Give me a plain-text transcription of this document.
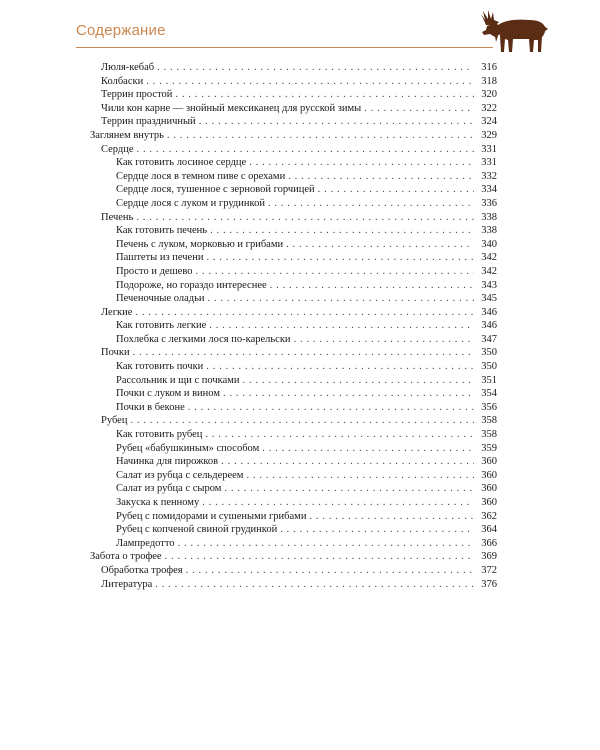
Содержание
Люля-кебаб . . .	316
Колбаски . . .	318
Террин простой . . .	320
Чили кон карне — знойный мексиканец для русской зимы . . .	322
Террин праздничный . . .	324
Заглянем внутрь . . .	329
Сердце . . .	331
Как готовить лосиное сердце . . .	331
Сердце лося в темном пиве с орехами . . .	332
Сердце лося, тушенное с зерновой горчицей . . .	334
Сердце лося с луком и грудинкой . . .	336
Печень . . .	338
Как готовить печень . . .	338
Печень с луком, морковью и грибами . . .	340
Паштеты из печени . . .	342
Просто и дешево . . .	342
Подорожe, но гораздо интереснее . . .	343
Печеночные оладьи . . .	345
Легкие . . .	346
Как готовить легкие . . .	346
Похлебка с легкими лося по-карельски . . .	347
Почки . . .	350
Как готовить почки . . .	350
Рассольник и щи с почками . . .	351
Почки с луком и вином . . .	354
Почки в беконе . . .	356
Рубец . . .	358
Как готовить рубец . . .	358
Рубец «бабушкиным» способом . . .	359
Начинка для пирожков . . .	360
Салат из рубца с сельдереем . . .	360
Салат из рубца с сыром . . .	360
Закуска к пенному . . .	360
Рубец с помидорами и сушеными грибами . . .	362
Рубец с копченой свиной грудинкой . . .	364
Лампредотто . . .	366
Забота о трофее . . .	369
Обработка трофея . . .	372
Литература . . .	376
